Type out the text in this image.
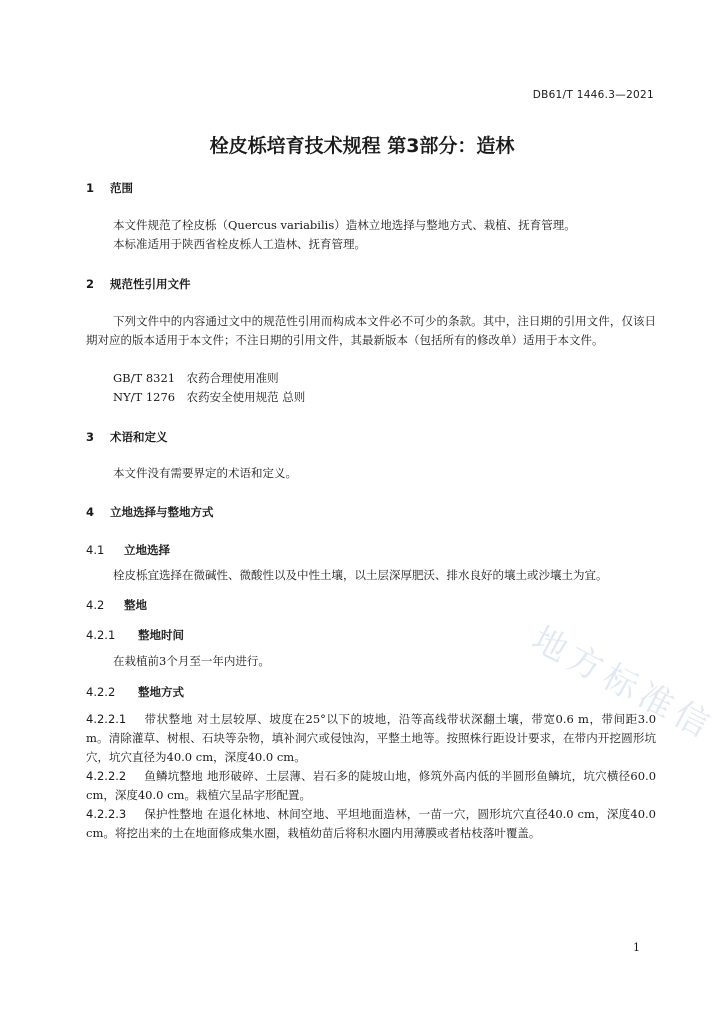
DB61/T 1446.3—2021
栓皮栎培育技术规程 第3部分：造林
1 范围
本文件规范了栓皮栎（Quercus variabilis）造林立地选择与整地方式、栽植、抚育管理。
本标准适用于陕西省栓皮栎人工造林、抚育管理。
2 规范性引用文件
下列文件中的内容通过文中的规范性引用而构成本文件必不可少的条款。其中，注日期的引用文件，仅该日期对应的版本适用于本文件；不注日期的引用文件，其最新版本（包括所有的修改单）适用于本文件。
GB/T 8321 农药合理使用准则
NY/T 1276 农药安全使用规范 总则
3 术语和定义
本文件没有需要界定的术语和定义。
4 立地选择与整地方式
4.1 立地选择
栓皮栎宜选择在微碱性、微酸性以及中性土壤，以土层深厚肥沃、排水良好的壤土或沙壤土为宜。
4.2 整地
4.2.1 整地时间
在栽植前3个月至一年内进行。
4.2.2 整地方式
4.2.2.1 带状整地 对土层较厚、坡度在25°以下的坡地，沿等高线带状深翻土壤，带宽0.6 m，带间距3.0 m。清除灌草、树根、石块等杂物，填补洞穴或侵蚀沟，平整土地等。按照株行距设计要求，在带内开挖圆形坑穴，坑穴直径为40.0 cm，深度40.0 cm。
4.2.2.2 鱼鳞坑整地 地形破碎、土层薄、岩石多的陡坡山地，修筑外高内低的半圆形鱼鳞坑，坑穴横径60.0 cm，深度40.0 cm。栽植穴呈品字形配置。
4.2.2.3 保护性整地 在退化林地、林间空地、平坦地面造林，一苗一穴，圆形坑穴直径40.0 cm，深度40.0 cm。将挖出来的土在地面修成集水圈，栽植幼苗后将积水圈内用薄膜或者枯枝落叶覆盖。
1
地方标准信
